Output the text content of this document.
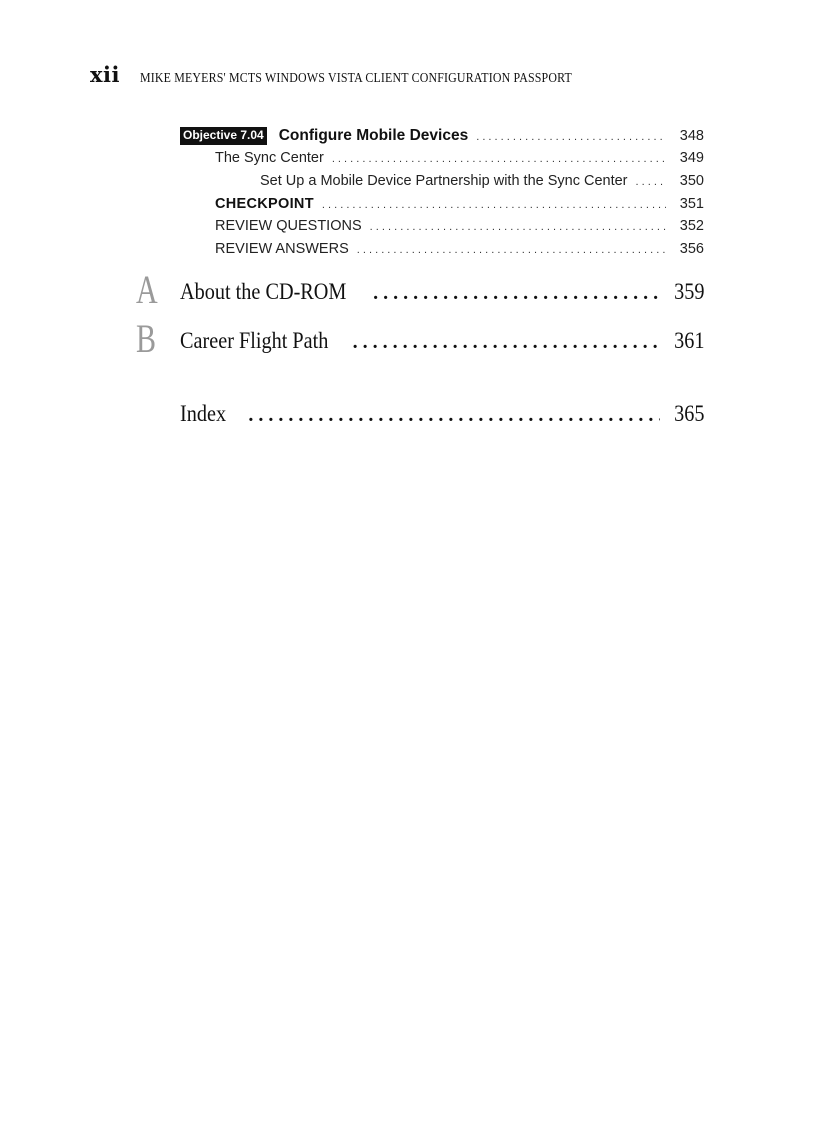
xii MIKE MEYERS' MCTS WINDOWS VISTA CLIENT CONFIGURATION PASSPORT
Objective 7.04 Configure Mobile Devices . . .	348
The Sync Center . . .	349
Set Up a Mobile Device Partnership with the Sync Center . . .	350
CHECKPOINT . . .	351
REVIEW QUESTIONS . . .	352
REVIEW ANSWERS . . .	356
A About the CD-ROM . . .	359
B Career Flight Path . . .	361
Index . . .	365
